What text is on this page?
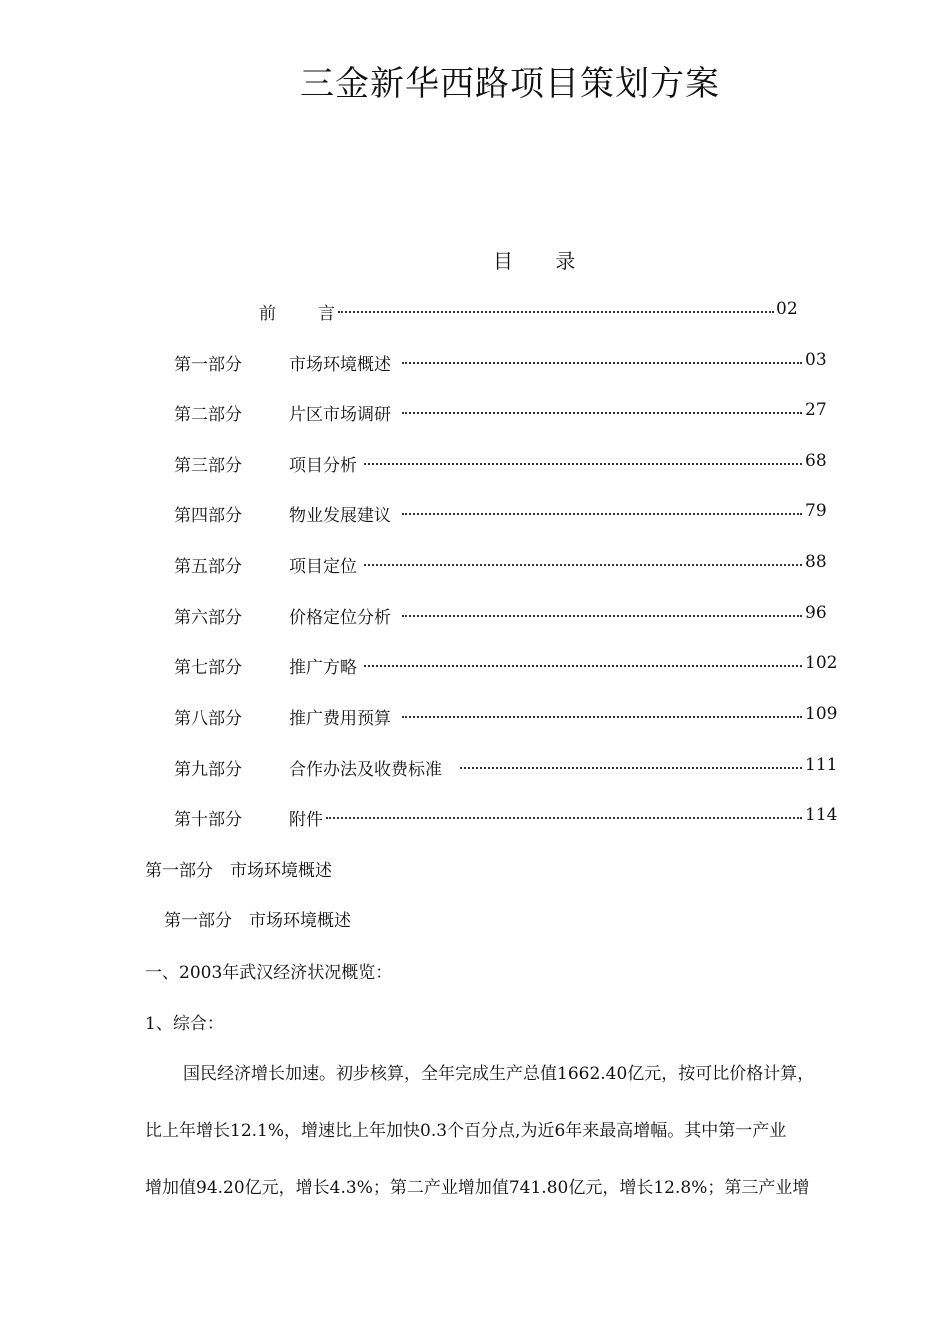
三金新华西路项目策划方案
目 录
前 言	02
第一部分	市场环境概述	03
第二部分	片区市场调研	27
第三部分	项目分析	68
第四部分	物业发展建议	79
第五部分	项目定位	88
第六部分	价格定位分析	96
第七部分	推广方略	102
第八部分	推广费用预算	109
第九部分	合作办法及收费标准	111
第十部分	附件	114
第一部分　市场环境概述
第一部分　市场环境概述
一、2003年武汉经济状况概览：
1、综合：
国民经济增长加速。初步核算，全年完成生产总值1662.40亿元，按可比价格计算，
比上年增长12.1%，增速比上年加快0.3个百分点,为近6年来最高增幅。其中第一产业
增加值94.20亿元，增长4.3%；第二产业增加值741.80亿元，增长12.8%；第三产业增
